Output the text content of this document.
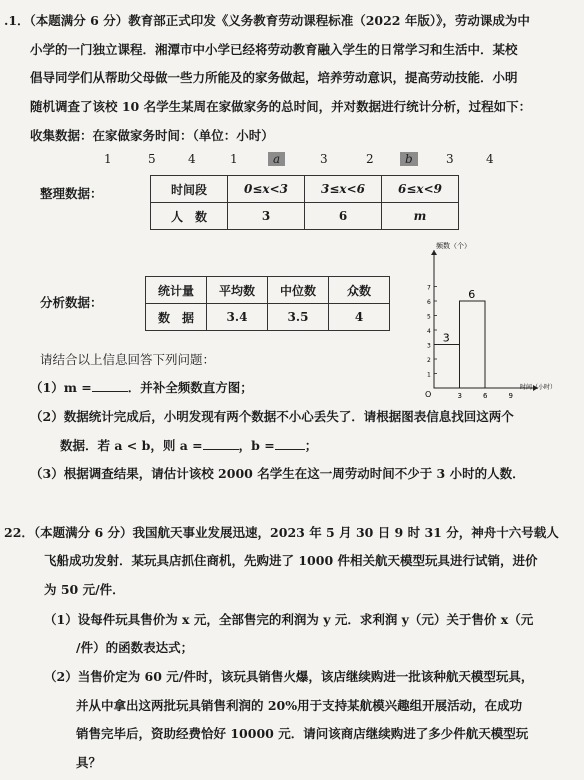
.1．（本题满分 6 分）教育部正式印发《义务教育劳动课程标准（2022 年版）》，劳动课成为中
小学的一门独立课程．湘潭市中小学已经将劳动教育融入学生的日常学习和生活中．某校
倡导同学们从帮助父母做一些力所能及的家务做起，培养劳动意识，提高劳动技能．小明
随机调查了该校 10 名学生某周在家做家务的总时间，并对数据进行统计分析，过程如下：
收集数据：在家做家务时间：（单位：小时）
1	5	4	1	a	3	2	b	3	4
整理数据：	时间段	0≤x<3	3≤x<6	6≤x<9
人　数	3	6	m
分析数据：
统计量	平均数	中位数	众数
数　据	3.4	3.5	4
请结合以上信息回答下列问题：
（1）m =	．并补全频数直方图；
（2）数据统计完成后，小明发现有两个数据不小心丢失了．请根据图表信息找回这两个
数据．若 a < b，则 a =	，b = ；
（3）根据调查结果，请估计该校 2000 名学生在这一周劳动时间不少于 3 小时的人数．
频数（个）
时间（小时）
O
1
2
3
4
5
6
7
3	6	9
3
6
22．（本题满分 6 分）我国航天事业发展迅速，2023 年 5 月 30 日 9 时 31 分，神舟十六号载人
飞船成功发射．某玩具店抓住商机，先购进了 1000 件相关航天模型玩具进行试销，进价
为 50 元/件．
（1）设每件玩具售价为 x 元，全部售完的利润为 y 元．求利润 y（元）关于售价 x（元
/件）的函数表达式；
（2）当售价定为 60 元/件时，该玩具销售火爆，该店继续购进一批该种航天模型玩具，
并从中拿出这两批玩具销售利润的 20%用于支持某航模兴趣组开展活动，在成功
销售完毕后，资助经费恰好 10000 元．请问该商店继续购进了多少件航天模型玩
具？
